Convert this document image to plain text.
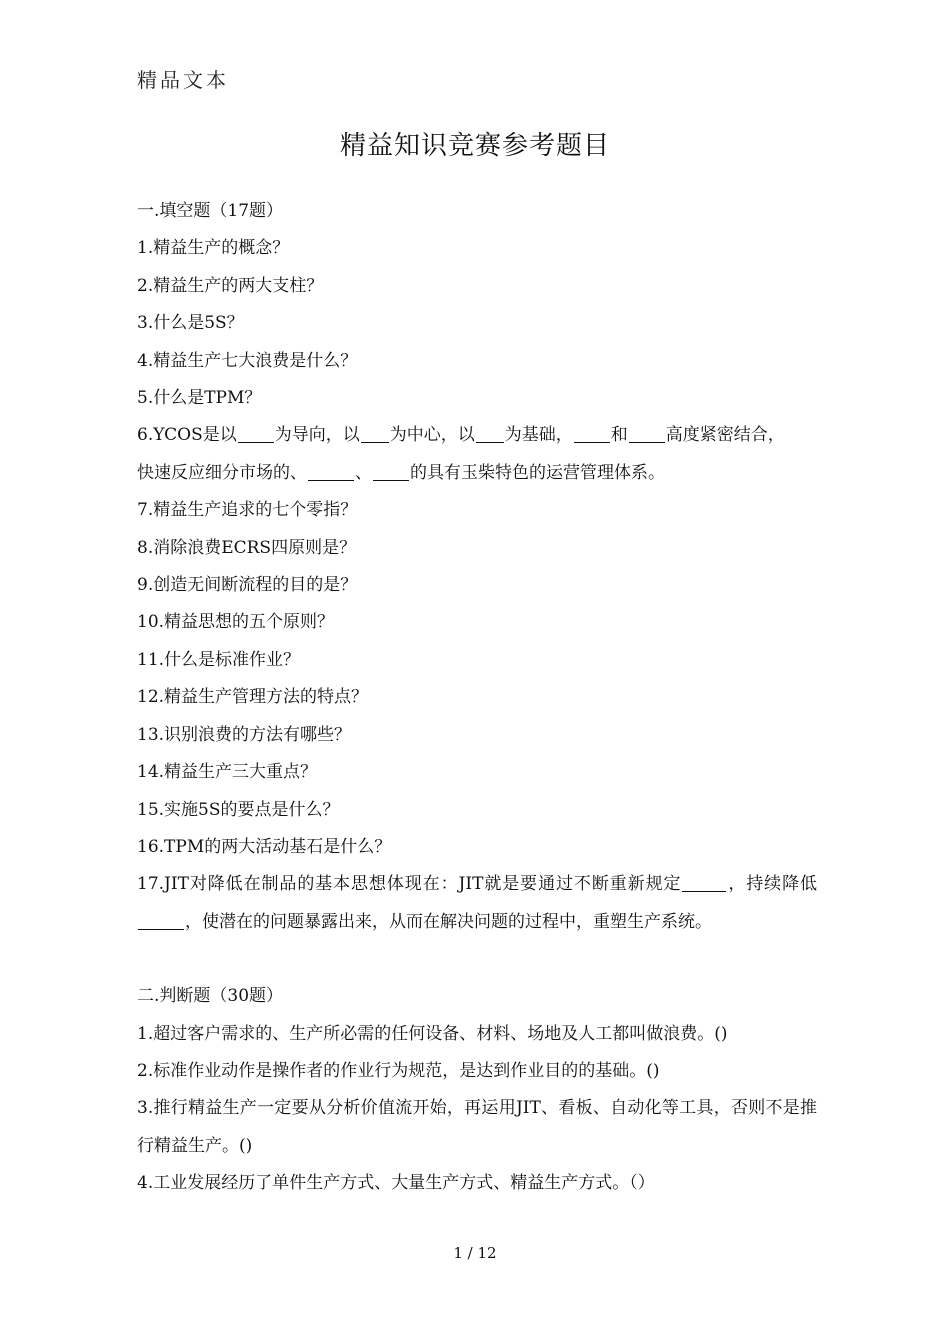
精品文本
精益知识竞赛参考题目

一.填空题（17题）

1.精益生产的概念？

2.精益生产的两大支柱？

3.什么是5S？

4.精益生产七大浪费是什么？

5.什么是TPM？

6.YCOS是以 为导向，以 为中心，以 为基础， 和 高度紧密结合，

快速反应细分市场的、	、 的具有玉柴特色的运营管理体系。

7.精益生产追求的七个零指？

8.消除浪费ECRS四原则是？

9.创造无间断流程的目的是？

10.精益思想的五个原则？

11.什么是标准作业？

12.精益生产管理方法的特点？

13.识别浪费的方法有哪些？

14.精益生产三大重点？

15.实施5S的要点是什么？

16.TPM的两大活动基石是什么？

17.JIT对降低在制品的基本思想体现在：JIT就是要通过不断重新规定	，持续降低，使潜在的问题暴露出来，从而在解决问题的过程中，重塑生产系统。

二.判断题（30题）

1.超过客户需求的、生产所必需的任何设备、材料、场地及人工都叫做浪费。()

2.标准作业动作是操作者的作业行为规范，是达到作业目的的基础。()

3.推行精益生产一定要从分析价值流开始，再运用JIT、看板、自动化等工具，否则不是推行精益生产。()

4.工业发展经历了单件生产方式、大量生产方式、精益生产方式。（）

1 / 12
